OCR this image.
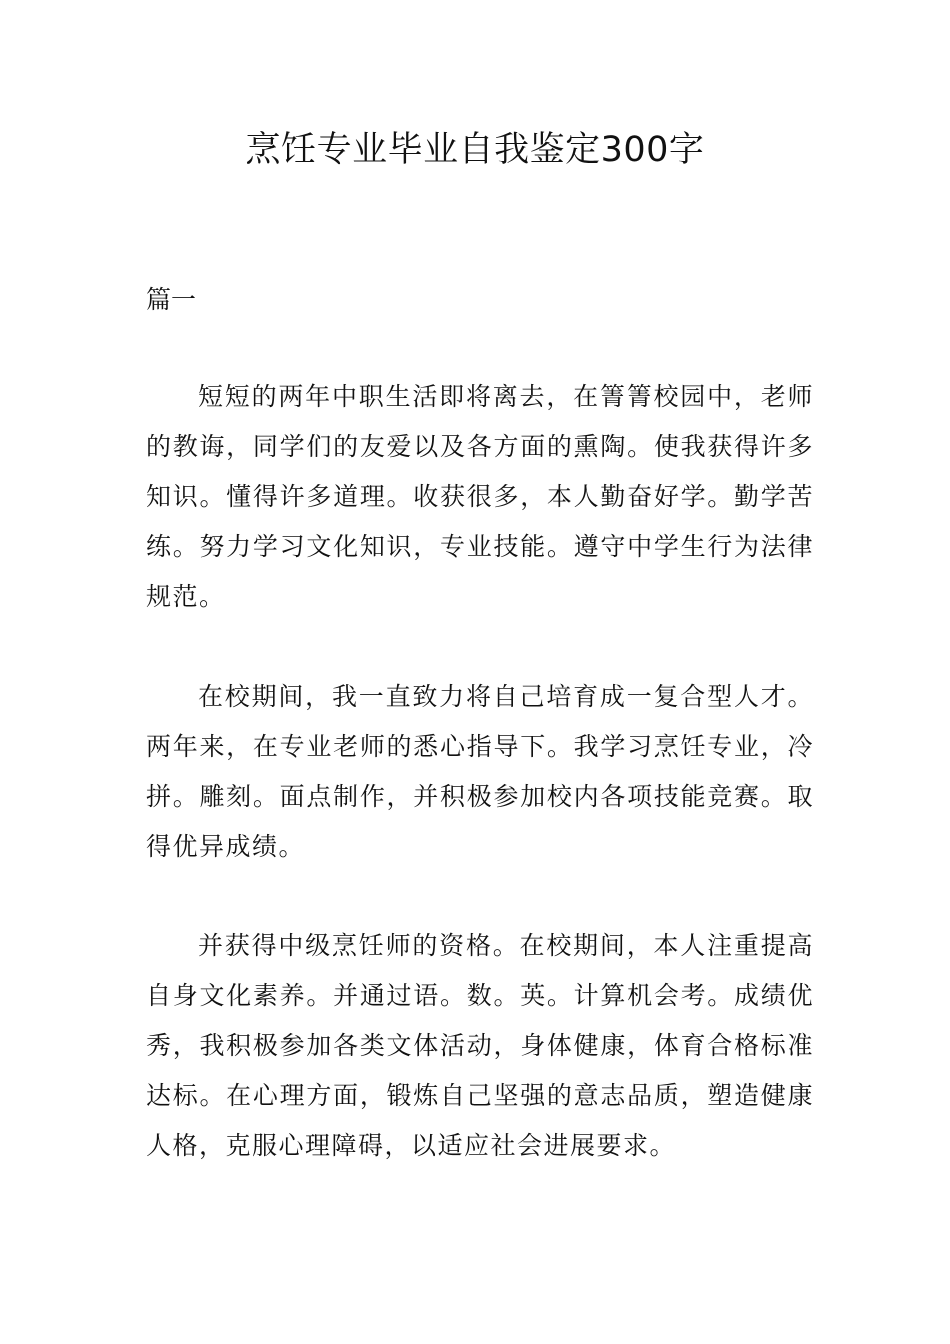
烹饪专业毕业自我鉴定300字
篇一

短短的两年中职生活即将离去，在箐箐校园中，老师的教诲，同学们的友爱以及各方面的熏陶。使我获得许多知识。懂得许多道理。收获很多，本人勤奋好学。勤学苦练。努力学习文化知识，专业技能。遵守中学生行为法律规范。

在校期间，我一直致力将自己培育成一复合型人才。两年来，在专业老师的悉心指导下。我学习烹饪专业，冷拼。雕刻。面点制作，并积极参加校内各项技能竞赛。取得优异成绩。

并获得中级烹饪师的资格。在校期间，本人注重提高自身文化素养。并通过语。数。英。计算机会考。成绩优秀，我积极参加各类文体活动，身体健康，体育合格标准达标。在心理方面，锻炼自己坚强的意志品质，塑造健康人格，克服心理障碍，以适应社会进展要求。
